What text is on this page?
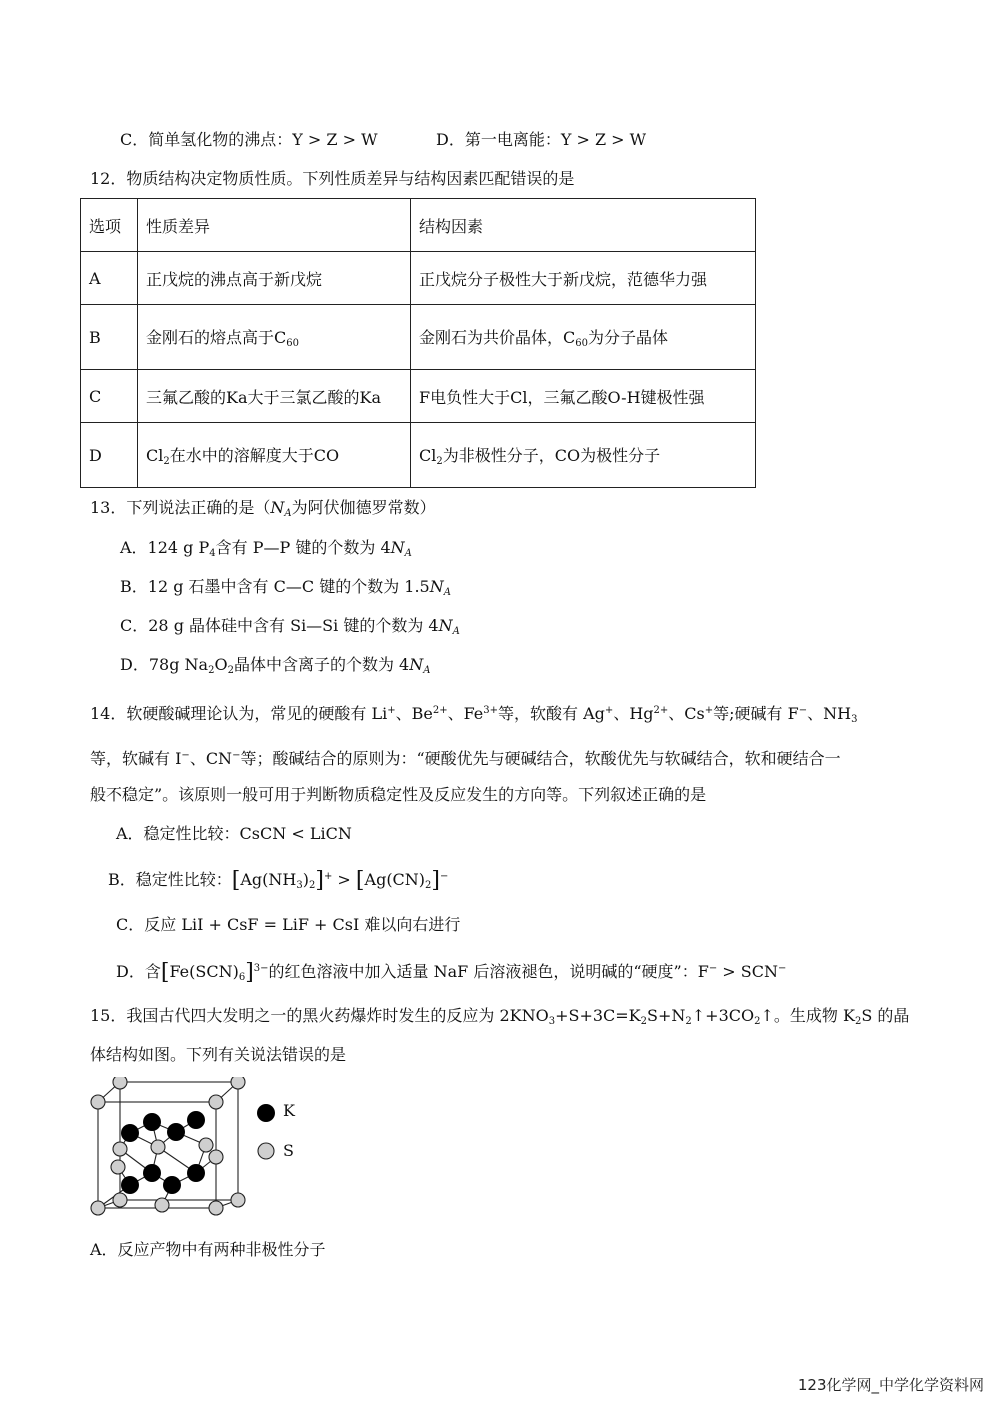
C．简单氢化物的沸点：Y > Z > W	D．第一电离能：Y > Z > W
12．物质结构决定物质性质。下列性质差异与结构因素匹配错误的是
选项	性质差异	结构因素
A	正戊烷的沸点高于新戊烷	正戊烷分子极性大于新戊烷，范德华力强
B	金刚石的熔点高于$C_{60}$	金刚石为共价晶体，$C_{60}$为分子晶体
C	三氟乙酸的Ka大于三氯乙酸的Ka	F电负性大于Cl，三氟乙酸O-H键极性强
D	$Cl_2$在水中的溶解度大于CO	$Cl_2$为非极性分子，CO为极性分子
13．下列说法正确的是（$N_A$为阿伏伽德罗常数）
A．124 g $P_4$含有 P—P 键的个数为 $4N_A$
B．12 g 石墨中含有 C—C 键的个数为 $1.5N_A$
C．28 g 晶体硅中含有 Si—Si 键的个数为 $4N_A$
D．78g $Na_2O_2$晶体中含离子的个数为 $4N_A$
14．软硬酸碱理论认为，常见的硬酸有 Li+、$Be^{2+}$、$Fe^{3+}$等，软酸有 Ag+、$Hg^{2+}$、Cs+等;硬碱有 F−、$NH_3$
等，软碱有 I−、CN−等；酸碱结合的原则为：“硬酸优先与硬碱结合，软酸优先与软碱结合，软和硬结合一
般不稳定”。该原则一般可用于判断物质稳定性及反应发生的方向等。下列叙述正确的是
A．稳定性比较：CsCN < LiCN
B．稳定性比较：$[Ag(NH_3)_2]^+ > [Ag(CN)_2]^-$
C．反应 LiI + CsF = LiF + CsI 难以向右进行
D．含$[Fe(SCN)_6]^{3-}$的红色溶液中加入适量 NaF 后溶液褪色，说明碱的“硬度”：F− > SCN−
15．我国古代四大发明之一的黑火药爆炸时发生的反应为 $2KNO_3+S+3C=K_2S+N_2↑+3CO_2↑$。生成物 $K_2S$ 的晶
体结构如图。下列有关说法错误的是
K
S
A．反应产物中有两种非极性分子
123化学网_中学化学资料网
